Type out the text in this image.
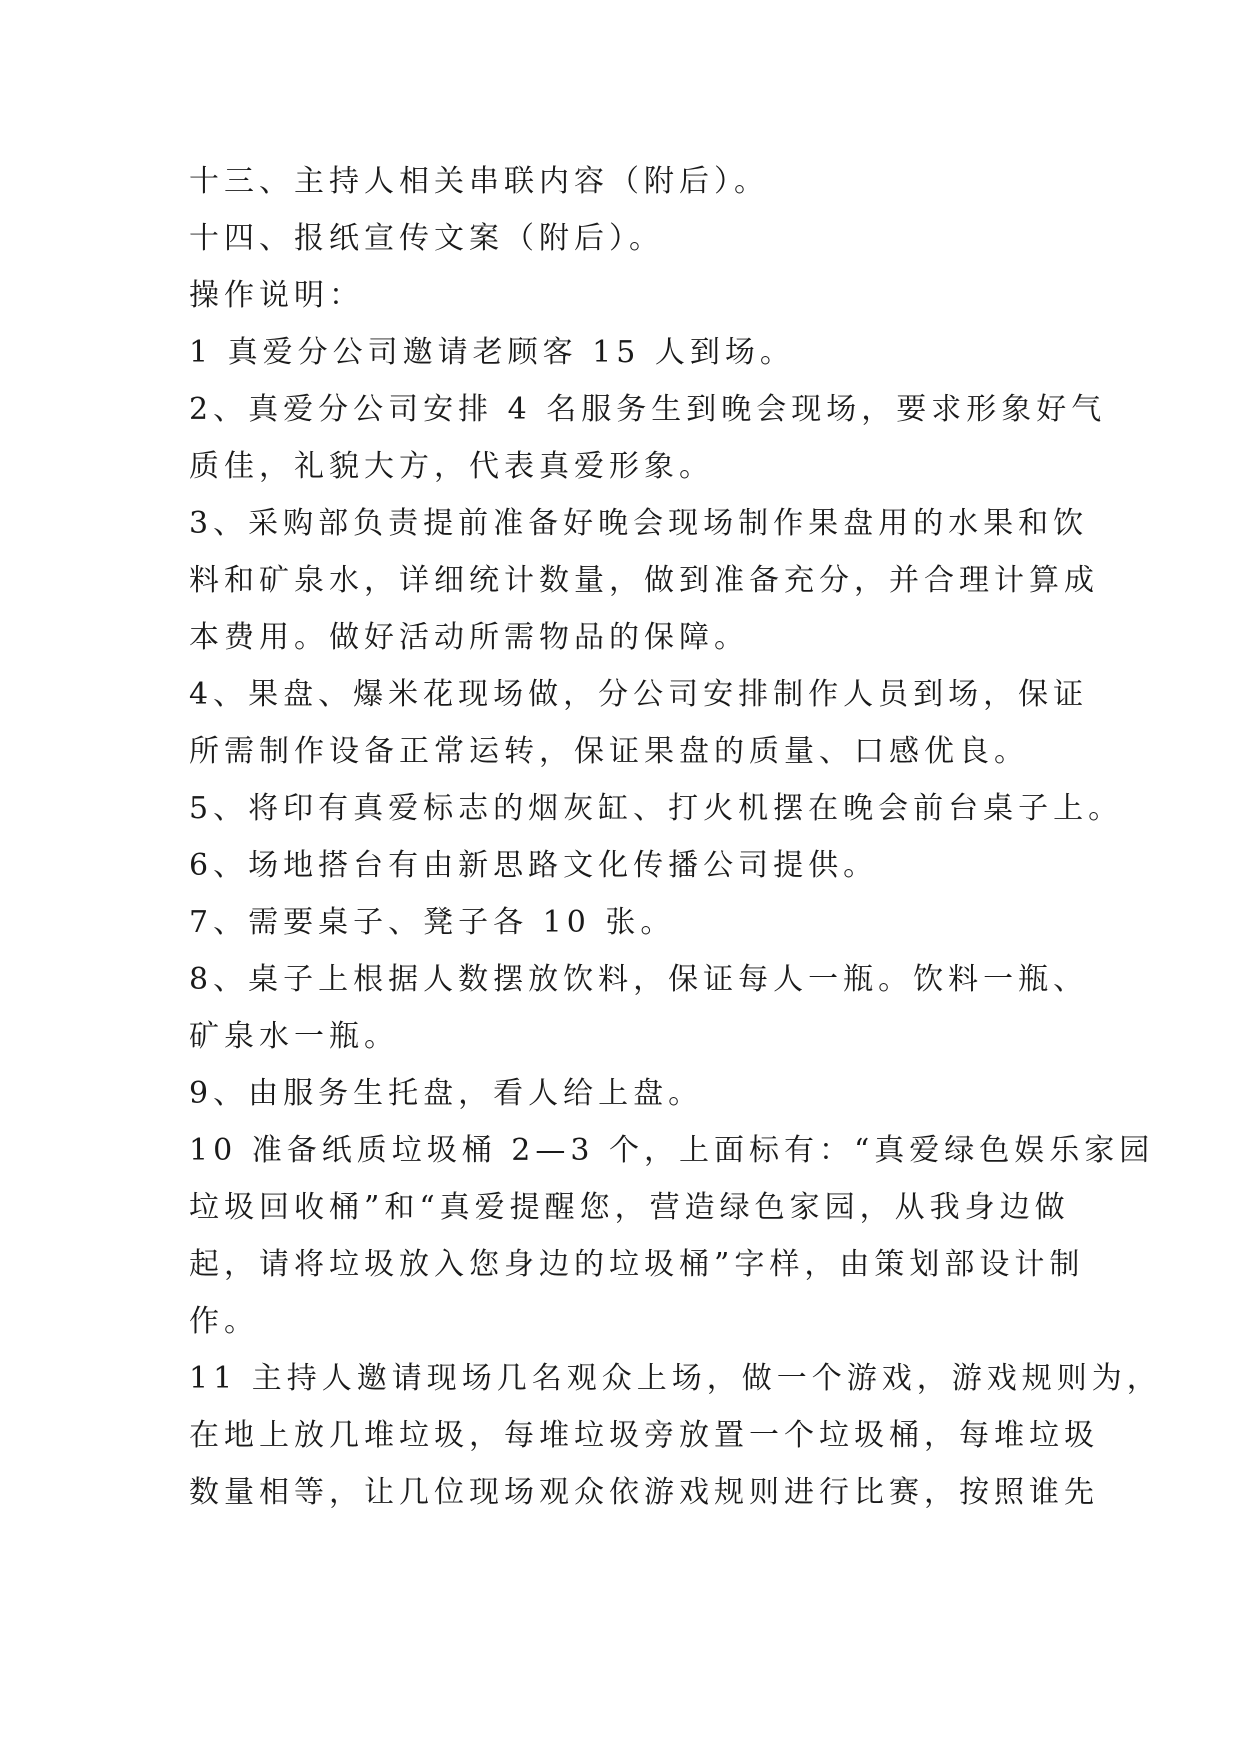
十三、主持人相关串联内容（附后）。
十四、报纸宣传文案（附后）。
操作说明：
1 真爱分公司邀请老顾客 15 人到场。
2、真爱分公司安排 4 名服务生到晚会现场，要求形象好气
质佳，礼貌大方，代表真爱形象。
3、采购部负责提前准备好晚会现场制作果盘用的水果和饮
料和矿泉水，详细统计数量，做到准备充分，并合理计算成
本费用。做好活动所需物品的保障。
4、果盘、爆米花现场做，分公司安排制作人员到场，保证
所需制作设备正常运转，保证果盘的质量、口感优良。
5、将印有真爱标志的烟灰缸、打火机摆在晚会前台桌子上。
6、场地搭台有由新思路文化传播公司提供。
7、需要桌子、凳子各 10 张。
8、桌子上根据人数摆放饮料，保证每人一瓶。饮料一瓶、
矿泉水一瓶。
9、由服务生托盘，看人给上盘。
10 准备纸质垃圾桶 2—3 个，上面标有：“真爱绿色娱乐家园
垃圾回收桶”和“真爱提醒您，营造绿色家园，从我身边做
起，请将垃圾放入您身边的垃圾桶”字样，由策划部设计制
作。
11 主持人邀请现场几名观众上场，做一个游戏，游戏规则为，
在地上放几堆垃圾，每堆垃圾旁放置一个垃圾桶，每堆垃圾
数量相等，让几位现场观众依游戏规则进行比赛，按照谁先
